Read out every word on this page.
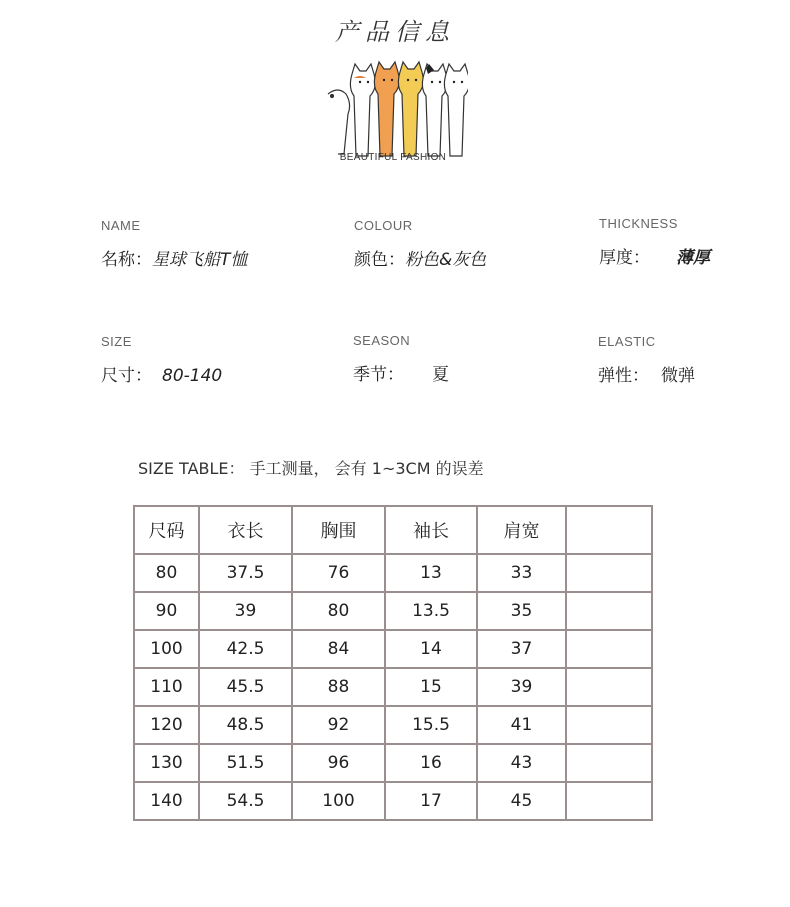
产品信息
BEAUTIFUL FASHION
NAME
名称：星球飞船T恤
COLOUR
颜色：粉色&灰色
THICKNESS
厚度： 薄厚
SIZE
尺寸： 80-140
SEASON
季节： 夏
ELASTIC
弹性： 微弹
SIZE TABLE： 手工测量， 会有 1~3CM 的误差
尺码	衣长	胸围	袖长	肩宽	
80	37.5	76	13	33	
90	39	80	13.5	35	
100	42.5	84	14	37	
110	45.5	88	15	39	
120	48.5	92	15.5	41	
130	51.5	96	16	43	
140	54.5	100	17	45	
